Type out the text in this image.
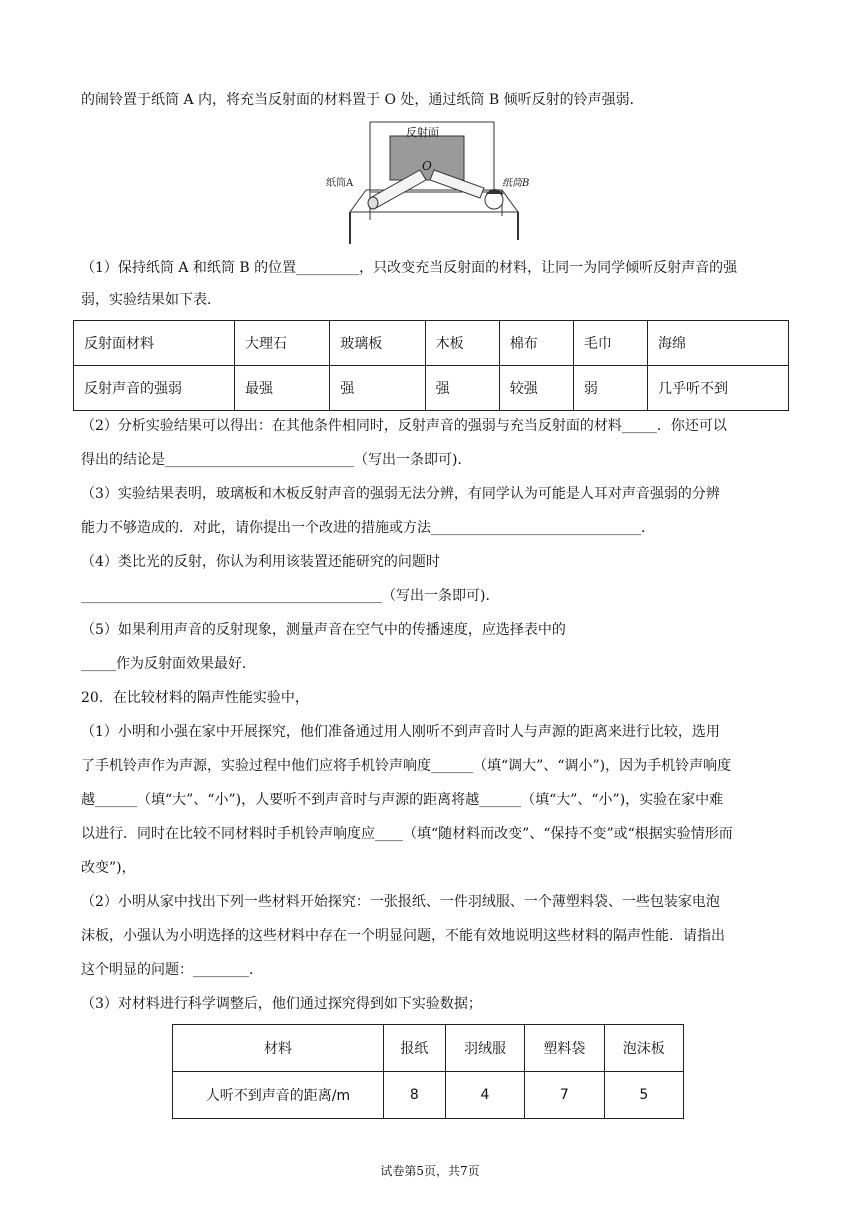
的闹铃置于纸筒 A 内，将充当反射面的材料置于 O 处，通过纸筒 B 倾听反射的铃声强弱．
反射面
O
纸筒A	纸筒B
（1）保持纸筒 A 和纸筒 B 的位置_________，只改变充当反射面的材料，让同一为同学倾听反射声音的强
弱，实验结果如下表．
反射面材料	大理石	玻璃板	木板	棉布	毛巾	海绵
反射声音的强弱	最强	强	强	较强	弱	几乎听不到
（2）分析实验结果可以得出：在其他条件相同时，反射声音的强弱与充当反射面的材料_____．你还可以
得出的结论是___________________________（写出一条即可)．
（3）实验结果表明，玻璃板和木板反射声音的强弱无法分辨，有同学认为可能是人耳对声音强弱的分辨
能力不够造成的．对此，请你提出一个改进的措施或方法______________________________．
（4）类比光的反射，你认为利用该装置还能研究的问题时
___________________________________________（写出一条即可)．
（5）如果利用声音的反射现象，测量声音在空气中的传播速度，应选择表中的
_____作为反射面效果最好．
20．在比较材料的隔声性能实验中，
（1）小明和小强在家中开展探究，他们准备通过用人刚听不到声音时人与声源的距离来进行比较，选用
了手机铃声作为声源，实验过程中他们应将手机铃声响度______（填“调大”、“调小”)，因为手机铃声响度
越______（填“大”、“小”)，人要听不到声音时与声源的距离将越______（填“大”、“小”)，实验在家中难
以进行．同时在比较不同材料时手机铃声响度应____（填“随材料而改变”、“保持不变”或“根据实验情形而
改变”)，
（2）小明从家中找出下列一些材料开始探究：一张报纸、一件羽绒服、一个薄塑料袋、一些包装家电泡
沫板，小强认为小明选择的这些材料中存在一个明显问题，不能有效地说明这些材料的隔声性能．请指出
这个明显的问题：________．
（3）对材料进行科学调整后，他们通过探究得到如下实验数据；
材料	报纸	羽绒服	塑料袋	泡沫板
人听不到声音的距离/m	8	4	7	5
试卷第5页，共7页
